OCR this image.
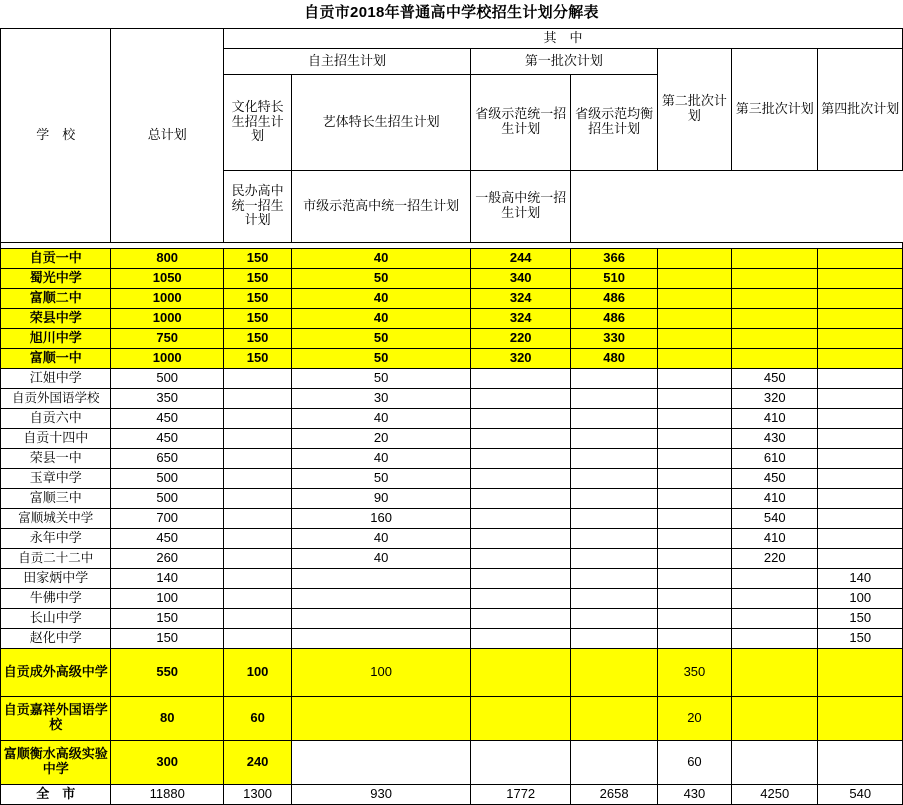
自贡市2018年普通高中学校招生计划分解表								
学　校	总计划	其　中						
		自主招生计划		第一批次计划		第二批次计划	第三批次计划	第四批次计划

		文化特长生招生计划	艺体特长生招生计划	省级示范统一招生计划	省级示范均衡招生计划			

		民办高中统一招生计划	市级示范高中统一招生计划	一般高中统一招生计划				

自贡一中	800	150	40	244	366			
蜀光中学	1050	150	50	340	510			
富顺二中	1000	150	40	324	486			
荣县中学	1000	150	40	324	486			
旭川中学	750	150	50	220	330			
富顺一中	1000	150	50	320	480			
江姐中学	500		50				450	
自贡外国语学校	350		30				320	
自贡六中	450		40				410	
自贡十四中	450		20				430	
荣县一中	650		40				610	
玉章中学	500		50				450	
富顺三中	500		90				410	
富顺城关中学	700		160				540	
永年中学	450		40				410	
自贡二十二中	260		40				220	
田家炳中学	140							140
牛佛中学	100							100
长山中学	150							150
赵化中学	150							150
自贡成外高级中学	550	100	100			350		
自贡嘉祥外国语学校	80	60				20		
富顺衡水高级实验中学	300	240				60		
全　市	11880	1300	930	1772	2658	430	4250	540
